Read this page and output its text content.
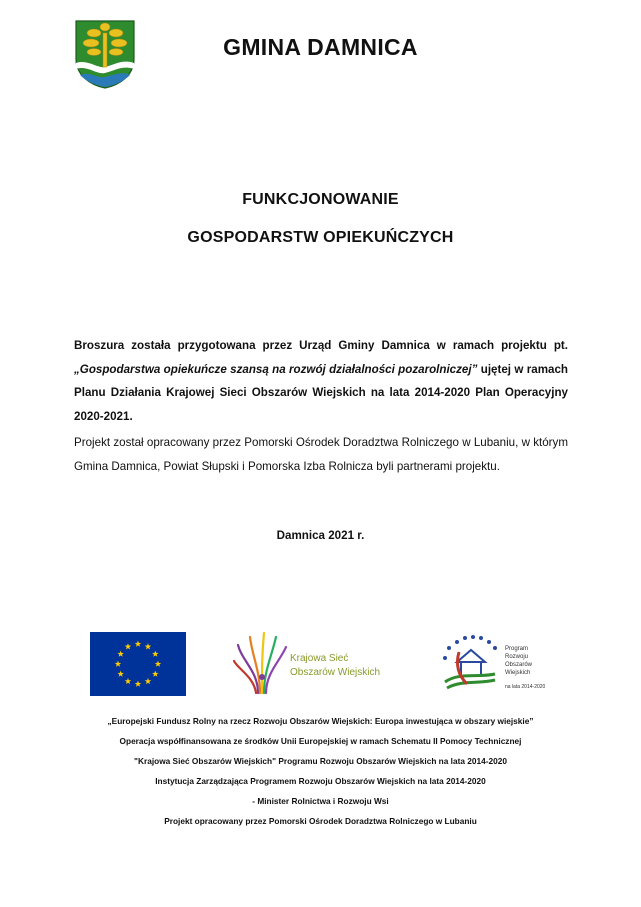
GMINA DAMNICA
FUNKCJONOWANIE
GOSPODARSTW OPIEKUŃCZYCH
Broszura została przygotowana przez Urząd Gminy Damnica w ramach projektu pt. „Gospodarstwa opiekuńcze szansą na rozwój działalności pozarolniczej” ujętej w ramach Planu Działania Krajowej Sieci Obszarów Wiejskich na lata 2014-2020 Plan Operacyjny 2020-2021.
Projekt został opracowany przez Pomorski Ośrodek Doradztwa Rolniczego w Lubaniu, w którym Gmina Damnica, Powiat Słupski i Pomorska Izba Rolnicza byli partnerami projektu.
Damnica 2021 r.
Krajowa Sieć
Obszarów Wiejskich
Program
Rozwoju
Obszarów
Wiejskich
na lata 2014-2020
„Europejski Fundusz Rolny na rzecz Rozwoju Obszarów Wiejskich: Europa inwestująca w obszary wiejskie”
Operacja współfinansowana ze środków Unii Europejskiej w ramach Schematu II Pomocy Technicznej
"Krajowa Sieć Obszarów Wiejskich" Programu Rozwoju Obszarów Wiejskich na lata 2014-2020
Instytucja Zarządzająca Programem Rozwoju Obszarów Wiejskich na lata 2014-2020
- Minister Rolnictwa i Rozwoju Wsi
Projekt opracowany przez Pomorski Ośrodek Doradztwa Rolniczego w Lubaniu
